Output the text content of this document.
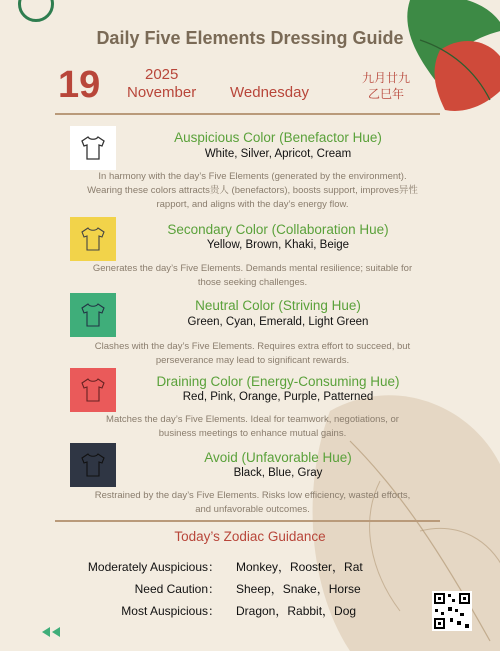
Daily Five Elements Dressing Guide
19	2025
November Wednesday
九月廿九
乙巳年
Auspicious Color (Benefactor Hue)
White, Silver, Apricot, Cream
In harmony with the day’s Five Elements (generated by the environment).
Wearing these colors attracts贵人 (benefactors), boosts support, improves异性
rapport, and aligns with the day’s energy flow.
Secondary Color (Collaboration Hue)
Yellow, Brown, Khaki, Beige
Generates the day’s Five Elements. Demands mental resilience; suitable for
those seeking challenges.
Neutral Color (Striving Hue)
Green, Cyan, Emerald, Light Green
Clashes with the day’s Five Elements. Requires extra effort to succeed, but
perseverance may lead to significant rewards.
Draining Color (Energy-Consuming Hue)
Red, Pink, Orange, Purple, Patterned
Matches the day’s Five Elements. Ideal for teamwork, negotiations, or
business meetings to enhance mutual gains.
Avoid (Unfavorable Hue)
Black, Blue, Gray
Restrained by the day’s Five Elements. Risks low efficiency, wasted efforts,
and unfavorable outcomes.
Today’s Zodiac Guidance
Moderately Auspicious： Monkey，Rooster，Rat
Need Caution： Sheep，Snake，Horse
Most Auspicious： Dragon，Rabbit，Dog
